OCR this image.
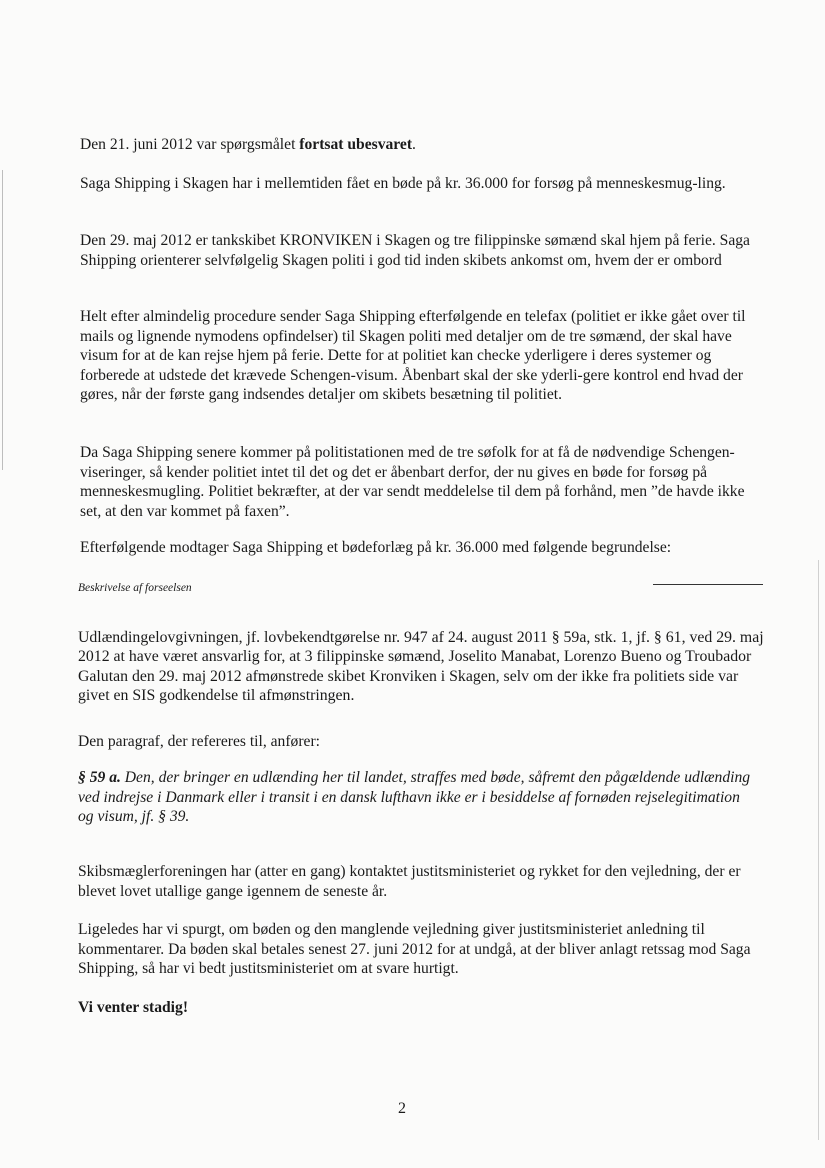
Den 21. juni 2012 var spørgsmålet fortsat ubesvaret.

Saga Shipping i Skagen har i mellemtiden fået en bøde på kr. 36.000 for forsøg på menneskesmug-ling.

Den 29. maj 2012 er tankskibet KRONVIKEN i Skagen og tre filippinske sømænd skal hjem på ferie. Saga Shipping orienterer selvfølgelig Skagen politi i god tid inden skibets ankomst om, hvem der er ombord

Helt efter almindelig procedure sender Saga Shipping efterfølgende en telefax (politiet er ikke gået over til mails og lignende nymodens opfindelser) til Skagen politi med detaljer om de tre sømænd, der skal have visum for at de kan rejse hjem på ferie. Dette for at politiet kan checke yderligere i deres systemer og forberede at udstede det krævede Schengen-visum. Åbenbart skal der ske yderli-gere kontrol end hvad der gøres, når der første gang indsendes detaljer om skibets besætning til politiet.

Da Saga Shipping senere kommer på politistationen med de tre søfolk for at få de nødvendige Schengen-viseringer, så kender politiet intet til det og det er åbenbart derfor, der nu gives en bøde for forsøg på menneskesmugling. Politiet bekræfter, at der var sendt meddelelse til dem på forhånd, men ”de havde ikke set, at den var kommet på faxen”.

Efterfølgende modtager Saga Shipping et bødeforlæg på kr. 36.000 med følgende begrundelse:

Beskrivelse af forseelsen

Udlændingelovgivningen, jf. lovbekendtgørelse nr. 947 af 24. august 2011 § 59a, stk. 1, jf. § 61, ved 29. maj 2012 at have været ansvarlig for, at 3 filippinske sømænd, Joselito Manabat, Lorenzo Bueno og Troubador Galutan den 29. maj 2012 afmønstrede skibet Kronviken i Skagen, selv om der ikke fra politiets side var givet en SIS godkendelse til afmønstringen.

Den paragraf, der refereres til, anfører:

§ 59 a. Den, der bringer en udlænding her til landet, straffes med bøde, såfremt den pågældende udlænding ved indrejse i Danmark eller i transit i en dansk lufthavn ikke er i besiddelse af fornøden rejselegitimation og visum, jf. § 39.

Skibsmæglerforeningen har (atter en gang) kontaktet justitsministeriet og rykket for den vejledning, der er blevet lovet utallige gange igennem de seneste år.

Ligeledes har vi spurgt, om bøden og den manglende vejledning giver justitsministeriet anledning til kommentarer. Da bøden skal betales senest 27. juni 2012 for at undgå, at der bliver anlagt retssag mod Saga Shipping, så har vi bedt justitsministeriet om at svare hurtigt.

Vi venter stadig!

2
